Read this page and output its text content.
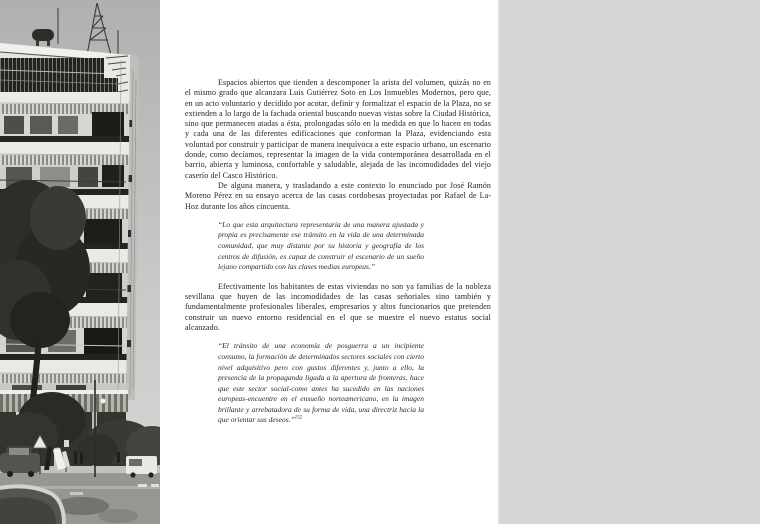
Espacios abiertos que tienden a descomponer la arista del volumen, quizás no en el mismo grado que alcanzara Luis Gutiérrez Soto en Los Inmuebles Modernos, pero que, en un acto voluntario y decidido por acotar, definir y formalizar el espacio de la Plaza, no se extienden a lo largo de la fachada oriental buscando nuevas vistas sobre la Ciudad Histórica, sino que permanecen atadas a ésta, prolongadas sólo en la medida en que lo hacen en todas y cada una de las diferentes edificaciones que conforman la Plaza, evidenciando esta voluntad por construir y participar de manera inequívoca a este espacio urbano, un escenario donde, como decíamos, representar la imagen de la vida contemporánea desarrollada en el barrio, abierta y luminosa, confortable y saludable, alejada de las incomodidades del viejo caserío del Casco Histórico.

De alguna manera, y trasladando a este contexto lo enunciado por José Ramón Moreno Pérez en su ensayo acerca de las casas cordobesas proyectadas por Rafael de La-Hoz durante los años cincuenta.

“Lo que esta arquitectura representaría de una manera ajustada y propia es precisamente ese tránsito en la vida de una determinada comunidad, que muy distante por su historia y geografía de los centros de difusión, es capaz de construir el escenario de un sueño lejano compartido con las clases medias europeas.”

Efectivamente los habitantes de estas viviendas no son ya familias de la nobleza sevillana que huyen de las incomodidades de las casas señoriales sino también y fundamentalmente profesionales liberales, empresarios y altos funcionarios que pretenden construir un nuevo entorno residencial en el que se muestre el nuevo estatus social alcanzado.

“El tránsito de una economía de posguerra a un incipiente consumo, la formación de determinados sectores sociales con cierto nivel adquisitivo pero con gustos diferentes y, junto a ello, la presencia de la propaganda ligada a la apertura de fronteras, hace que este sector social-como antes ha sucedido en las naciones europeas-encuentre en el ensueño norteamericano, en la imagen brillante y arrebatadora de su forma de vida, una directriz hacia la que orientar sus deseos.”$^{152}$
